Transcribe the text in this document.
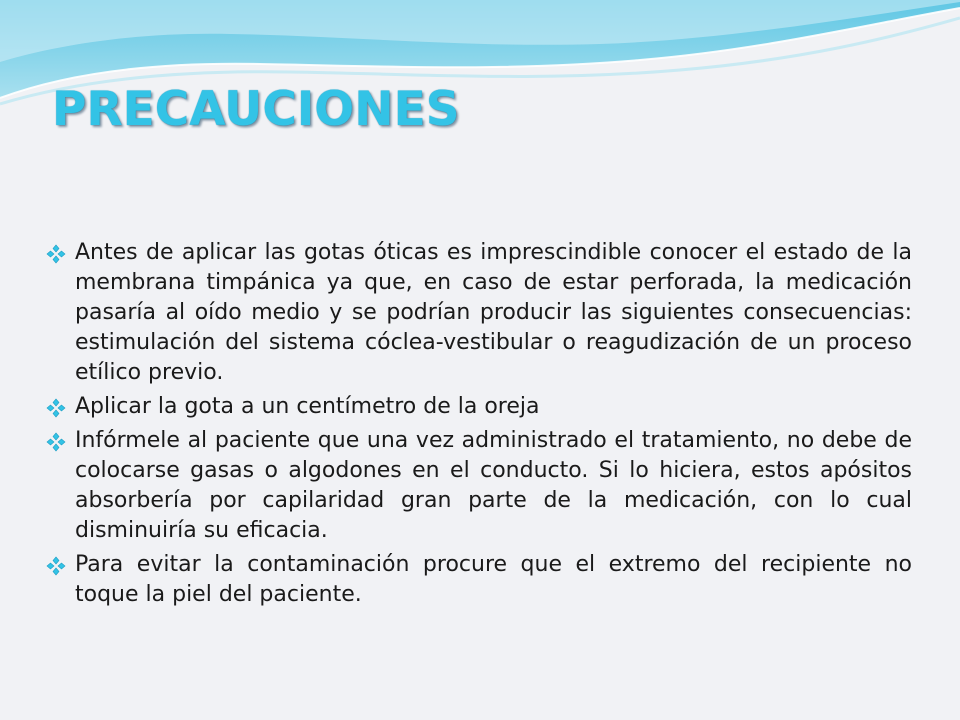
PRECAUCIONES
Antes de aplicar las gotas óticas es imprescindible conocer el estado de la membrana timpánica ya que, en caso de estar perforada, la medicación pasaría al oído medio y se podrían producir las siguientes consecuencias: estimulación del sistema cóclea-vestibular o reagudización de un proceso etílico previo.
Aplicar la gota a un centímetro de la oreja
Infórmele al paciente que una vez administrado el tratamiento, no debe de colocarse gasas o algodones en el conducto. Si lo hiciera, estos apósitos absorbería por capilaridad gran parte de la medicación, con lo cual disminuiría su eficacia.
Para evitar la contaminación procure que el extremo del recipiente no toque la piel del paciente.
